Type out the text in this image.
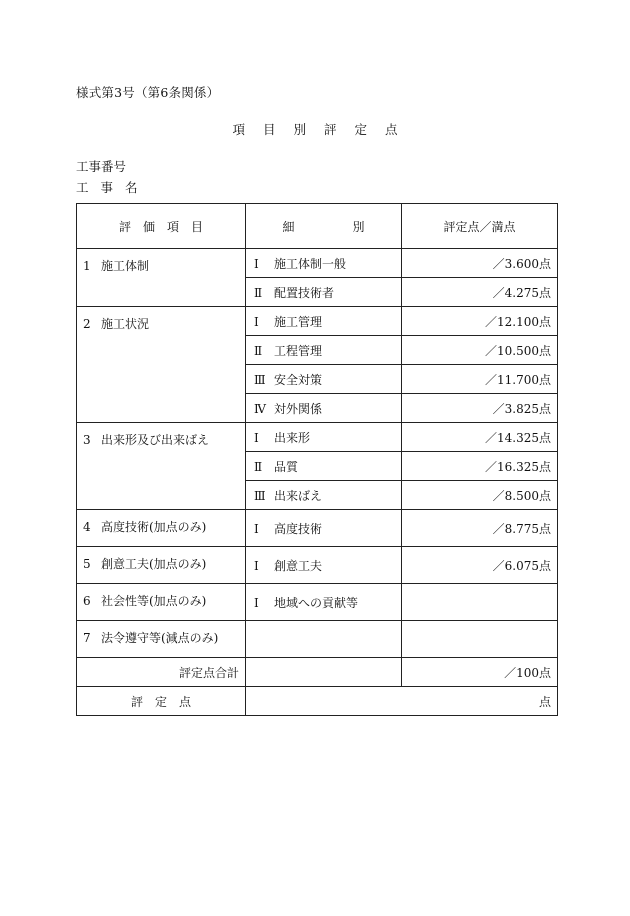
様式第3号（第6条関係）
項 目 別 評 定 点
工事番号
工 事 名
評 価 項 目	細 別	評定点／満点
1 施工体制	Ⅰ 施工体制一般	／3.600点
	Ⅱ 配置技術者	／4.275点
2 施工状況	Ⅰ 施工管理	／12.100点
	Ⅱ 工程管理	／10.500点
	Ⅲ 安全対策	／11.700点
	Ⅳ 対外関係	／3.825点
3 出来形及び出来ばえ	Ⅰ 出来形	／14.325点
	Ⅱ 品質	／16.325点
	Ⅲ 出来ばえ	／8.500点
4 高度技術(加点のみ)	Ⅰ 高度技術	／8.775点
5 創意工夫(加点のみ)	Ⅰ 創意工夫	／6.075点
6 社会性等(加点のみ)	Ⅰ 地域への貢献等	
7 法令遵守等(減点のみ)		
評定点合計		／100点
評 定 点	点	
